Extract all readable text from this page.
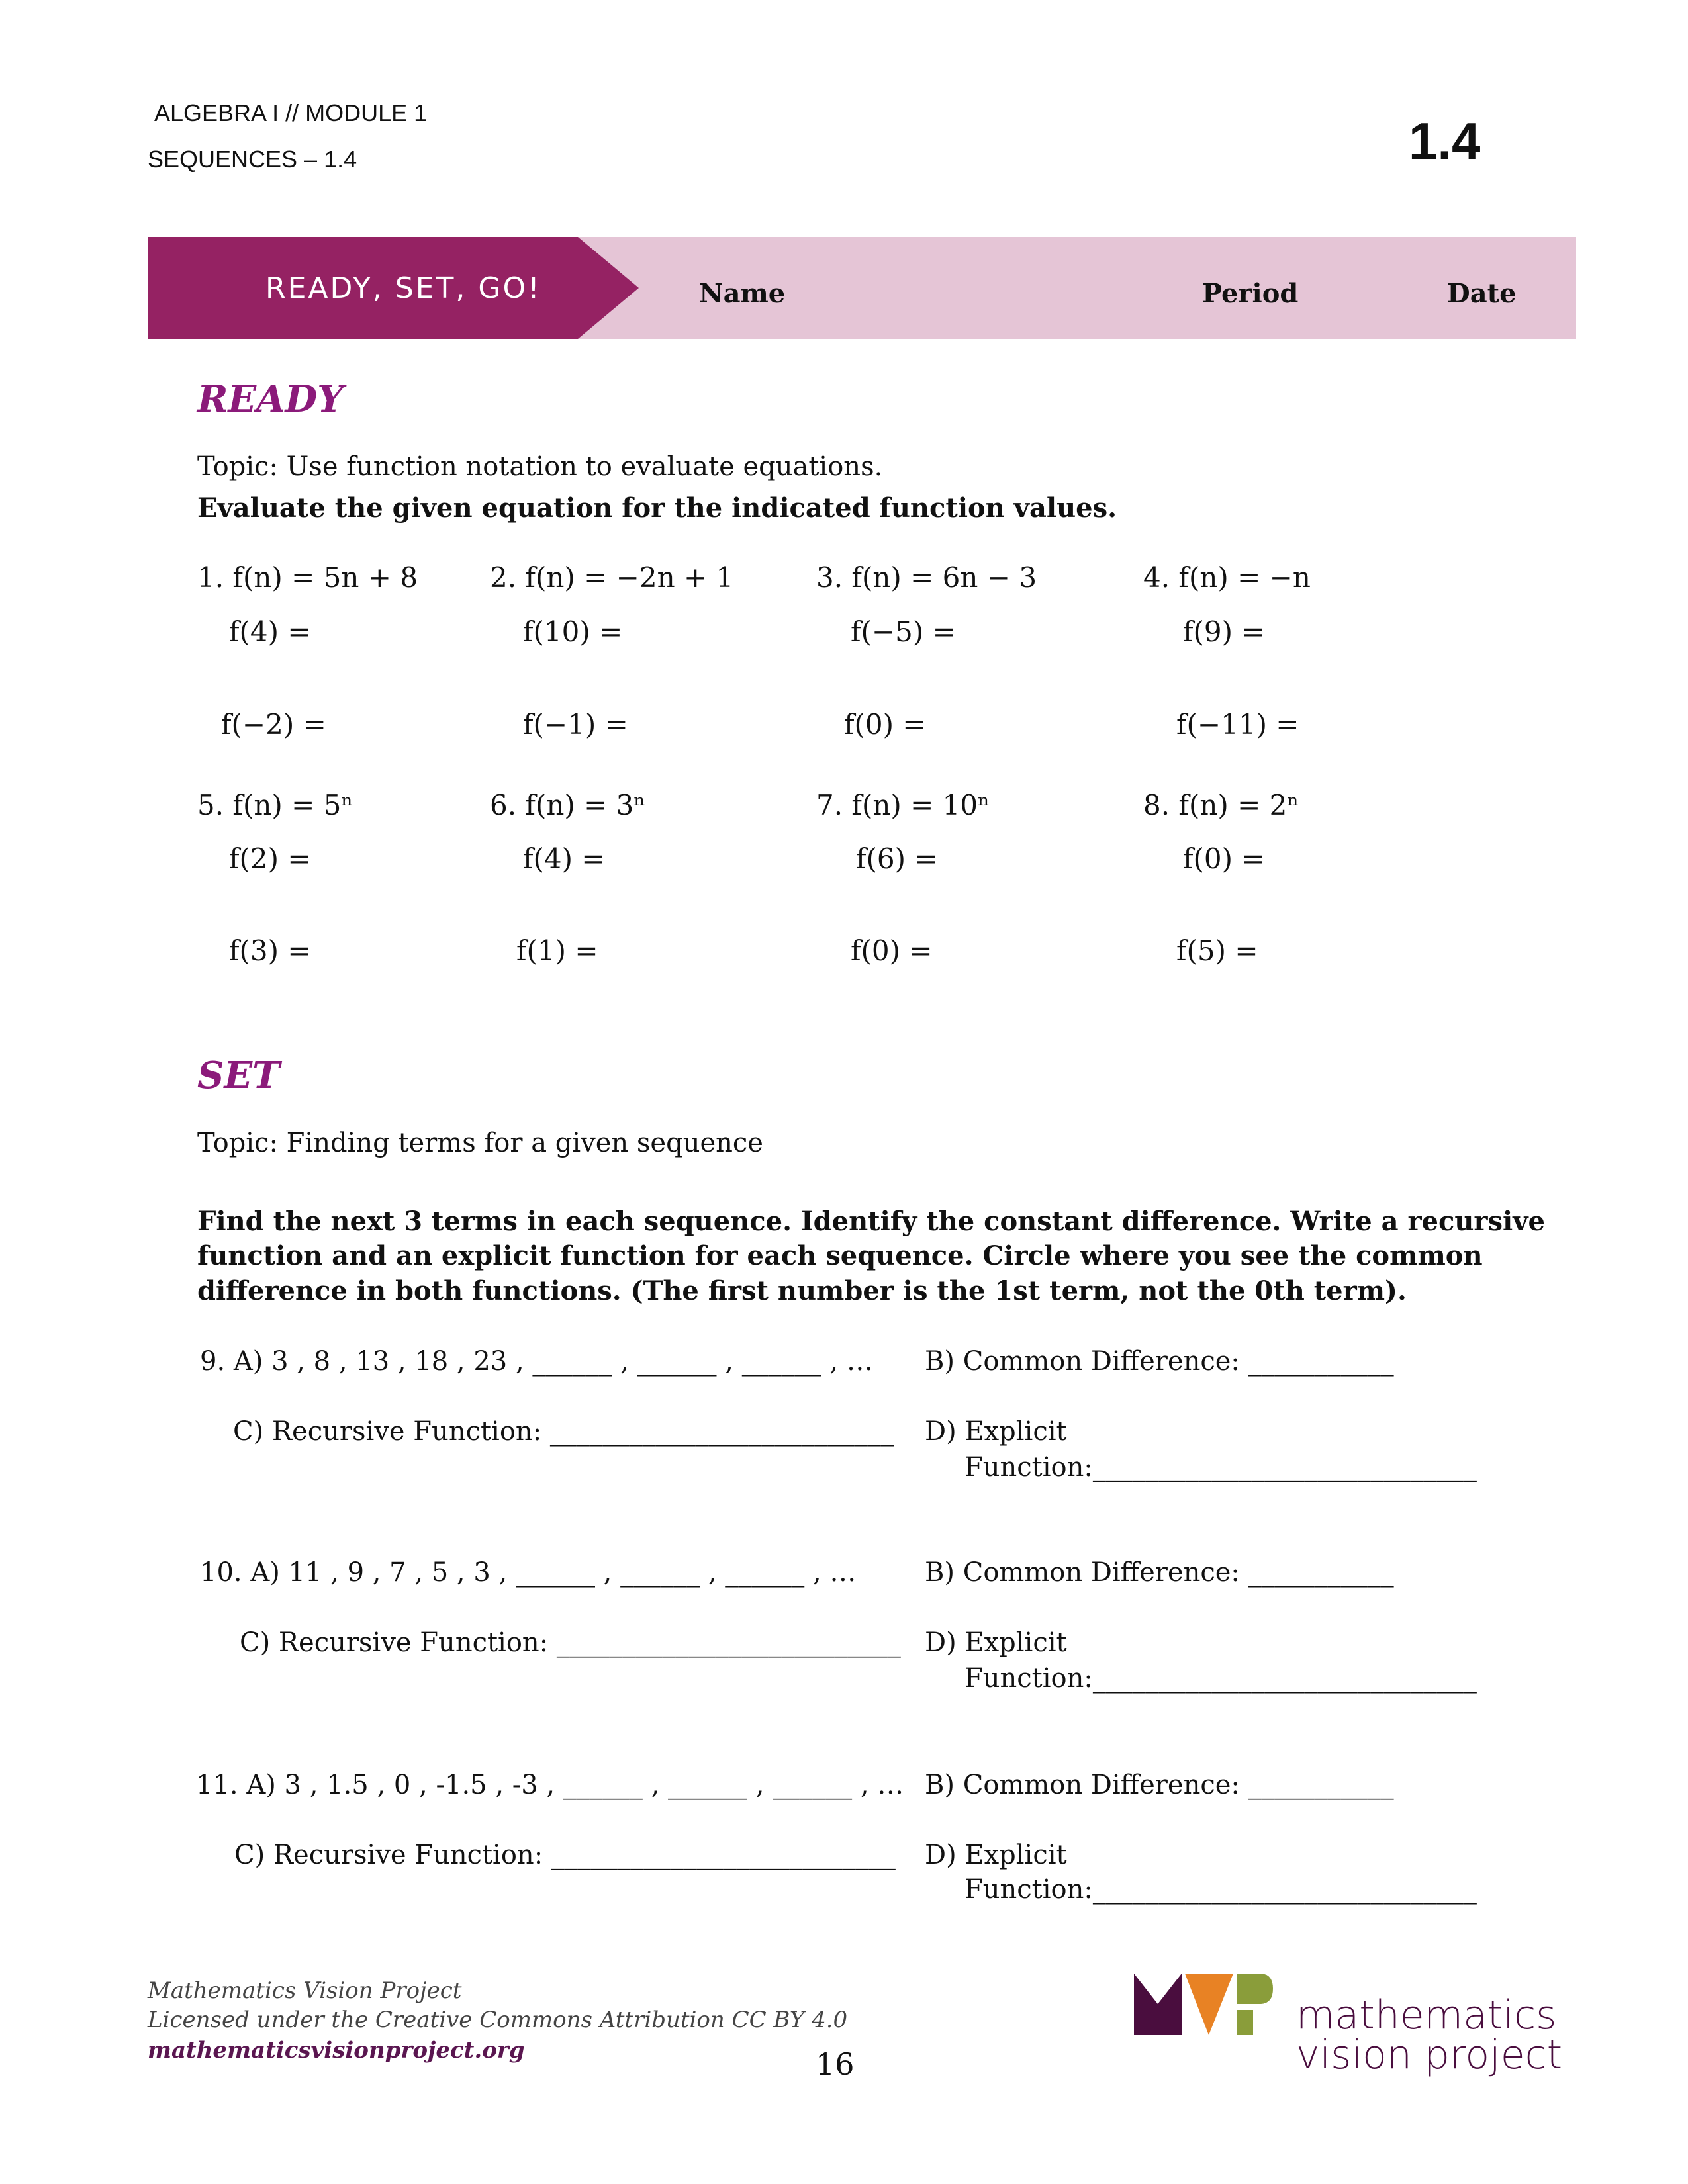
ALGEBRA I // MODULE 1
SEQUENCES – 1.4	1.4
READY, SET, GO!	Name	Period	Date
READY
Topic: Use function notation to evaluate equations.
Evaluate the given equation for the indicated function values.
1. f(n) = 5n + 8
f(4) =
f(−2) =
2. f(n) = −2n + 1
f(10) =
f(−1) =
3. f(n) = 6n − 3
f(−5) =
f(0) =
4. f(n) = −n
f(9) =
f(−11) =
5. f(n) = 5ⁿ
f(2) =
f(3) =
6. f(n) = 3ⁿ
f(4) =
f(1) =
7. f(n) = 10ⁿ
f(6) =
f(0) =
8. f(n) = 2ⁿ
f(0) =
f(5) =
SET
Topic: Finding terms for a given sequence
Find the next 3 terms in each sequence. Identify the constant difference. Write a recursive
function and an explicit function for each sequence. Circle where you see the common
difference in both functions. (The first number is the 1st term, not the 0th term).
9. A) 3 , 8 , 13 , 18 , 23 , ______ , ______ , ______ , … B) Common Difference: ___________
C) Recursive Function: __________________________ D) Explicit
Function:_____________________________
10. A) 11 , 9 , 7 , 5 , 3 , ______ , ______ , ______ , …	B) Common Difference: ___________
C) Recursive Function: __________________________ D) Explicit
Function:_____________________________
11. A) 3 , 1.5 , 0 , -1.5 , -3 , ______ , ______ , ______ , … B) Common Difference: ___________
C) Recursive Function: __________________________ D) Explicit
Function:_____________________________
Mathematics Vision Project
Licensed under the Creative Commons Attribution CC BY 4.0
mathematicsvisionproject.org	16
mathematics
vision project
